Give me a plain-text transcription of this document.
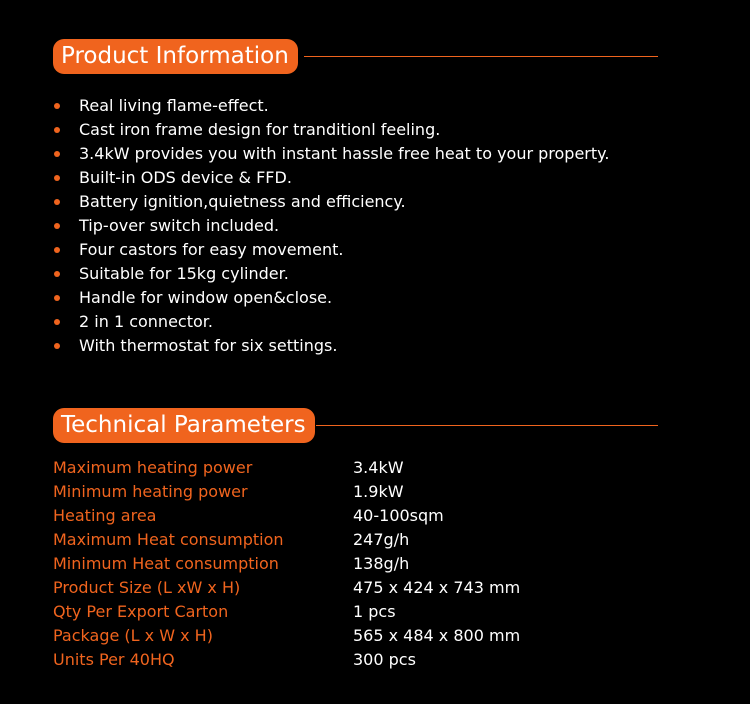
Product Information
Real living flame-effect.
Cast iron frame design for tranditionl feeling.
3.4kW provides you with instant hassle free heat to your property.
Built-in ODS device & FFD.
Battery ignition,quietness and efficiency.
Tip-over switch included.
Four castors for easy movement.
Suitable for 15kg cylinder.
Handle for window open&close.
2 in 1 connector.
With thermostat for six settings.
Technical Parameters
Maximum heating power	3.4kW
Minimum heating power	1.9kW
Heating area	40-100sqm
Maximum Heat consumption	247g/h
Minimum Heat consumption	138g/h
Product Size (L xW x H)	475 x 424 x 743 mm
Qty Per Export Carton	1 pcs
Package (L x W x H)	565 x 484 x 800 mm
Units Per 40HQ	300 pcs
